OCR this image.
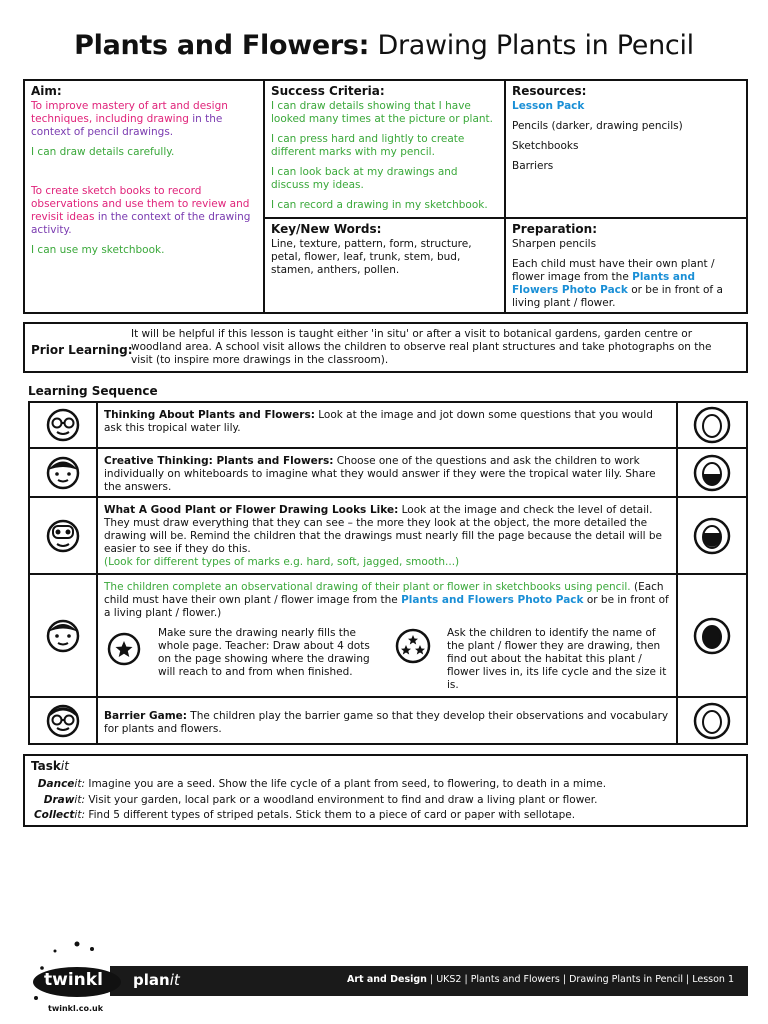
Plants and Flowers: Drawing Plants in Pencil
Aim:

To improve mastery of art and design techniques, including drawing in the context of pencil drawings.

I can draw details carefully.

To create sketch books to record observations and use them to review and revisit ideas in the context of the drawing activity.

I can use my sketchbook.

Success Criteria:

I can draw details showing that I have looked many times at the picture or plant.

I can press hard and lightly to create different marks with my pencil.

I can look back at my drawings and discuss my ideas.

I can record a drawing in my sketchbook.

Resources:

Lesson Pack

Pencils (darker, drawing pencils)

Sketchbooks

Barriers

Key/New Words:

Line, texture, pattern, form, structure, petal, flower, leaf, trunk, stem, bud, stamen, anthers, pollen.

Preparation:

Sharpen pencils

Each child must have their own plant / flower image from the Plants and Flowers Photo Pack or be in front of a living plant / flower.

Prior Learning:
It will be helpful if this lesson is taught either 'in situ' or after a visit to botanical gardens, garden centre or woodland area. A school visit allows the children to observe real plant structures and take photographs on the visit (to inspire more drawings in the classroom).
Learning Sequence
Thinking About Plants and Flowers: Look at the image and jot down some questions that you would ask this tropical water lily.
Creative Thinking: Plants and Flowers: Choose one of the questions and ask the children to work individually on whiteboards to imagine what they would answer if they were the tropical water lily. Share the answers.
What A Good Plant or Flower Drawing Looks Like: Look at the image and check the level of detail. They must draw everything that they can see – the more they look at the object, the more detailed the drawing will be. Remind the children that the drawings must nearly fill the page because the detail will be easier to see if they do this.
(Look for different types of marks e.g. hard, soft, jagged, smooth...)
The children complete an observational drawing of their plant or flower in sketchbooks using pencil. (Each child must have their own plant / flower image from the Plants and Flowers Photo Pack or be in front of a living plant / flower.)
Make sure the drawing nearly fills the whole page. Teacher: Draw about 4 dots on the page showing where the drawing will reach to and from when finished.
Ask the children to identify the name of the plant / flower they are drawing, then find out about the habitat this plant / flower lives in, its life cycle and the size it is.
Barrier Game: The children play the barrier game so that they develop their observations and vocabulary for plants and flowers.
Taskit
Danceit: Imagine you are a seed. Show the life cycle of a plant from seed, to flowering, to death in a mime.
Drawit: Visit your garden, local park or a woodland environment to find and draw a living plant or flower.
Collectit: Find 5 different types of striped petals. Stick them to a piece of card or paper with sellotape.
Art and Design | UKS2 | Plants and Flowers | Drawing Plants in Pencil | Lesson 1
twinkl
twinkl.co.uk
planit
